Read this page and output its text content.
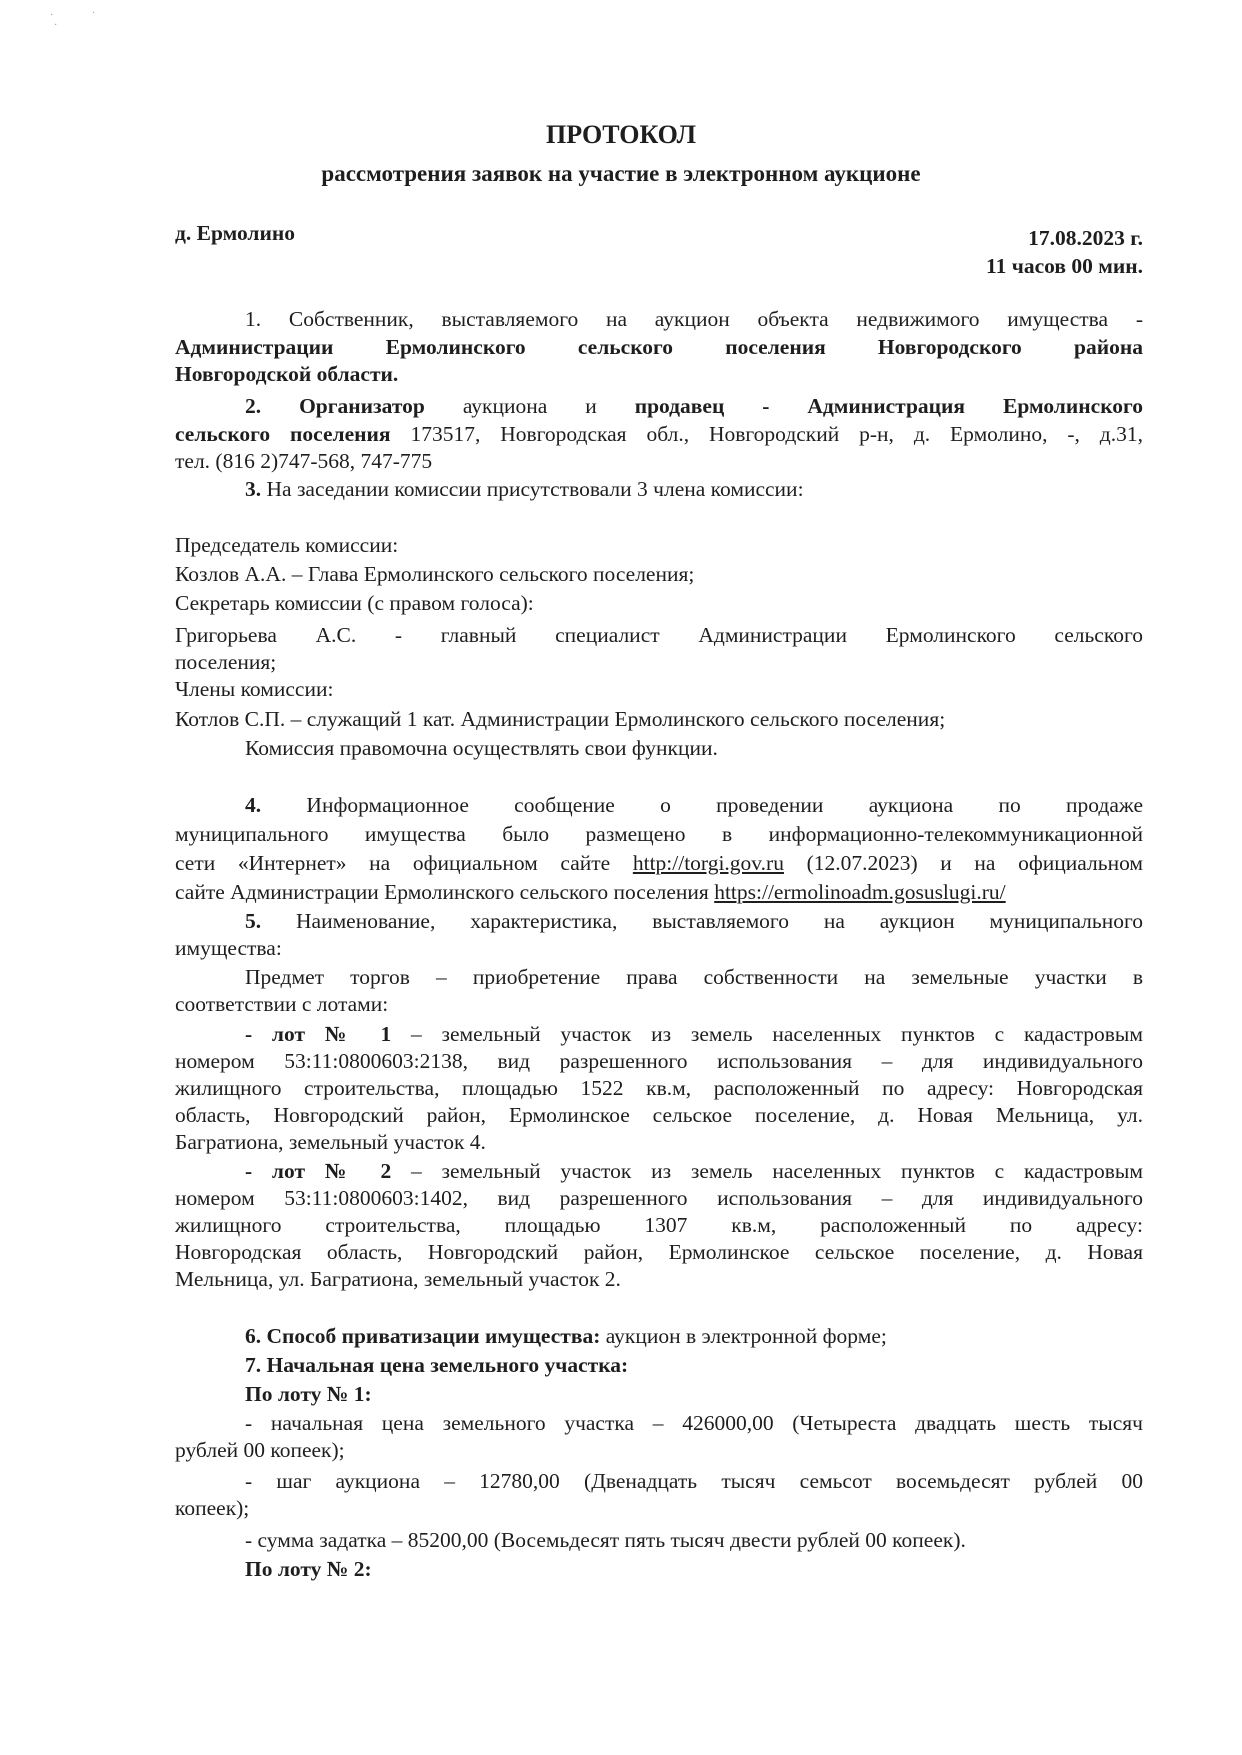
·	·
·
ПРОТОКОЛ
рассмотрения заявок на участие в электронном аукционе
д. Ермолино	17.08.2023 г.
11 часов 00 мин.
1. Собственник, выставляемого на аукцион объекта недвижимого имущества -
Администрации Ермолинского сельского поселения Новгородского района
Новгородской области.
2. Организатор аукциона и продавец - Администрация Ермолинского
сельского поселения 173517, Новгородская обл., Новгородский р-н, д. Ермолино, -, д.31,
тел. (816 2)747-568, 747-775
3. На заседании комиссии присутствовали 3 члена комиссии:
Председатель комиссии:
Козлов А.А. – Глава Ермолинского сельского поселения;
Секретарь комиссии (с правом голоса):
Григорьева А.С. - главный специалист Администрации Ермолинского сельского
поселения;
Члены комиссии:
Котлов С.П. – служащий 1 кат. Администрации Ермолинского сельского поселения;
Комиссия правомочна осуществлять свои функции.
4. Информационное сообщение о проведении аукциона по продаже
муниципального имущества было размещено в информационно-телекоммуникационной
сети «Интернет» на официальном сайте http://torgi.gov.ru (12.07.2023) и на официальном
сайте Администрации Ермолинского сельского поселения https://ermolinoadm.gosuslugi.ru/
5. Наименование, характеристика, выставляемого на аукцион муниципального
имущества:
Предмет торгов – приобретение права собственности на земельные участки в
соответствии с лотами:
- лот № 1 – земельный участок из земель населенных пунктов с кадастровым
номером 53:11:0800603:2138, вид разрешенного использования – для индивидуального
жилищного строительства, площадью 1522 кв.м, расположенный по адресу: Новгородская
область, Новгородский район, Ермолинское сельское поселение, д. Новая Мельница, ул.
Багратиона, земельный участок 4.
- лот № 2 – земельный участок из земель населенных пунктов с кадастровым
номером 53:11:0800603:1402, вид разрешенного использования – для индивидуального
жилищного строительства, площадью 1307 кв.м, расположенный по адресу:
Новгородская область, Новгородский район, Ермолинское сельское поселение, д. Новая
Мельница, ул. Багратиона, земельный участок 2.
6. Способ приватизации имущества: аукцион в электронной форме;
7. Начальная цена земельного участка:
По лоту № 1:
- начальная цена земельного участка – 426000,00 (Четыреста двадцать шесть тысяч
рублей 00 копеек);
- шаг аукциона – 12780,00 (Двенадцать тысяч семьсот восемьдесят рублей 00
копеек);
- сумма задатка – 85200,00 (Восемьдесят пять тысяч двести рублей 00 копеек).
По лоту № 2:
